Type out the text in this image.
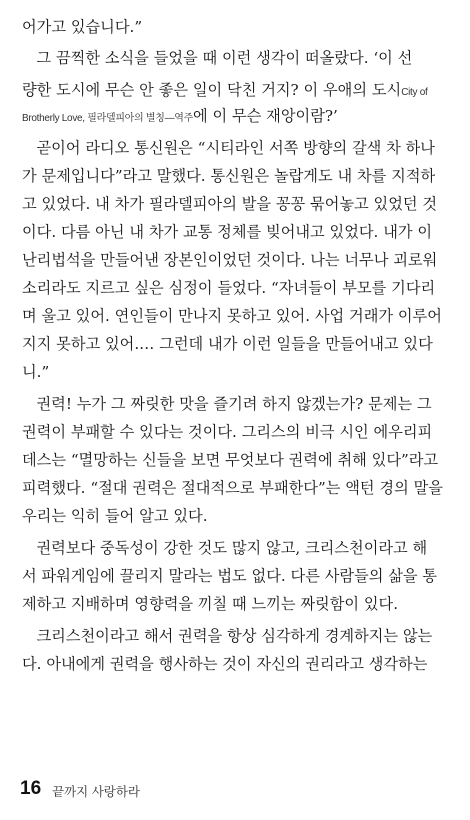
어가고 있습니다.”
그 끔찍한 소식을 들었을 때 이런 생각이 떠올랐다. ‘이 선
량한 도시에 무슨 안 좋은 일이 닥친 거지? 이 우애의 도시City of
Brotherly Love, 필라델피아의 별칭—역주에 이 무슨 재앙이람?’
곧이어 라디오 통신원은 “시티라인 서쪽 방향의 갈색 차 하나
가 문제입니다”라고 말했다. 통신원은 놀랍게도 내 차를 지적하
고 있었다. 내 차가 필라델피아의 발을 꽁꽁 묶어놓고 있었던 것
이다. 다름 아닌 내 차가 교통 정체를 빚어내고 있었다. 내가 이
난리법석을 만들어낸 장본인이었던 것이다. 나는 너무나 괴로워
소리라도 지르고 싶은 심정이 들었다. “자녀들이 부모를 기다리
며 울고 있어. 연인들이 만나지 못하고 있어. 사업 거래가 이루어
지지 못하고 있어.… 그런데 내가 이런 일들을 만들어내고 있다
니.”
권력! 누가 그 짜릿한 맛을 즐기려 하지 않겠는가? 문제는 그
권력이 부패할 수 있다는 것이다. 그리스의 비극 시인 에우리피
데스는 “멸망하는 신들을 보면 무엇보다 권력에 취해 있다”라고
피력했다. “절대 권력은 절대적으로 부패한다”는 액턴 경의 말을
우리는 익히 들어 알고 있다.
권력보다 중독성이 강한 것도 많지 않고, 크리스천이라고 해
서 파워게임에 끌리지 말라는 법도 없다. 다른 사람들의 삶을 통
제하고 지배하며 영향력을 끼칠 때 느끼는 짜릿함이 있다.
크리스천이라고 해서 권력을 항상 심각하게 경계하지는 않는
다. 아내에게 권력을 행사하는 것이 자신의 권리라고 생각하는
16 끝까지 사랑하라
